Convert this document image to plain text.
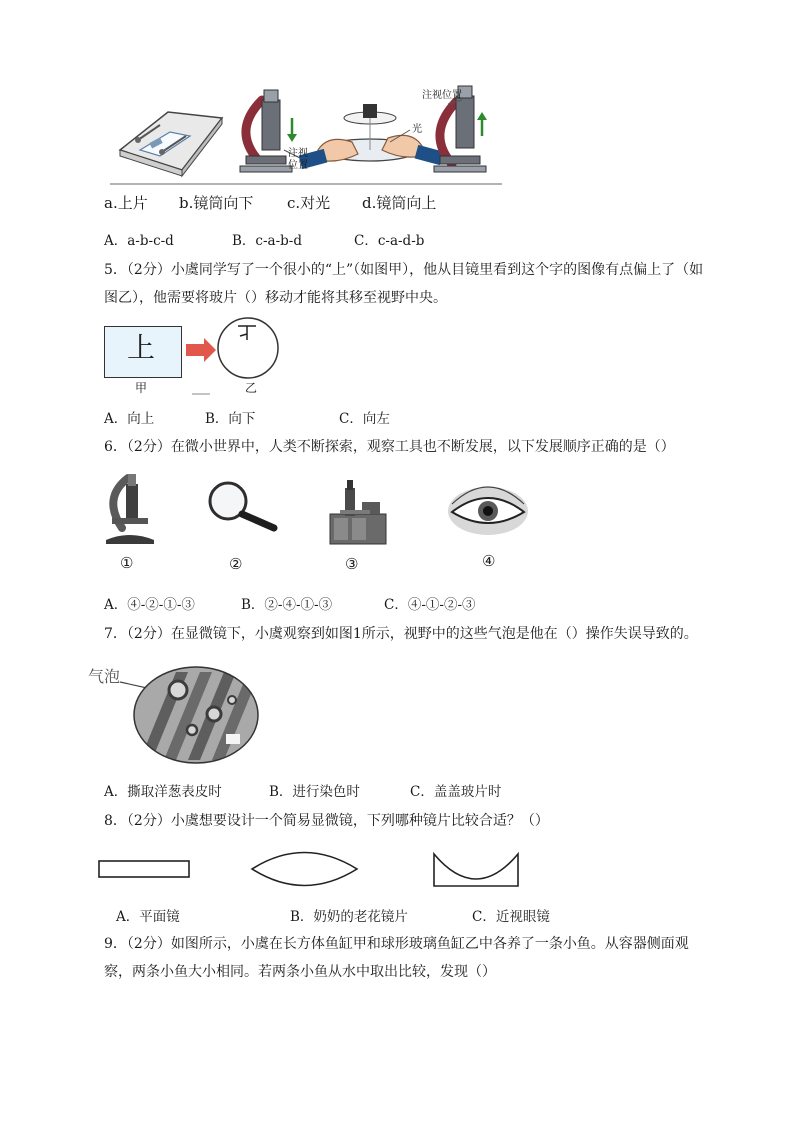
注视位置
注视位置
光
a.上片 b.镜筒向下 c.对光 d.镜筒向上
A．a-b-c-d	B．c-a-b-d	C．c-a-d-b
5．（2分）小虞同学写了一个很小的“上”（如图甲），他从目镜里看到这个字的图像有点偏上了（如图乙），他需要将玻片（）移动才能将其移至视野中央。
上
甲	乙
A．向上	B．向下	C．向左
6．（2分）在微小世界中，人类不断探索，观察工具也不断发展，以下发展顺序正确的是（）
①	②	③	④
A．④-②-①-③	B．②-④-①-③	C．④-①-②-③
7．（2分）在显微镜下，小虞观察到如图1所示，视野中的这些气泡是他在（）操作失误导致的。
气泡
A．撕取洋葱表皮时	B．进行染色时	C．盖盖玻片时
8．（2分）小虞想要设计一个简易显微镜，下列哪种镜片比较合适？（）
A．平面镜	B．奶奶的老花镜片	C．近视眼镜
9．（2分）如图所示，小虞在长方体鱼缸甲和球形玻璃鱼缸乙中各养了一条小鱼。从容器侧面观察，两条小鱼大小相同。若两条小鱼从水中取出比较，发现（）
